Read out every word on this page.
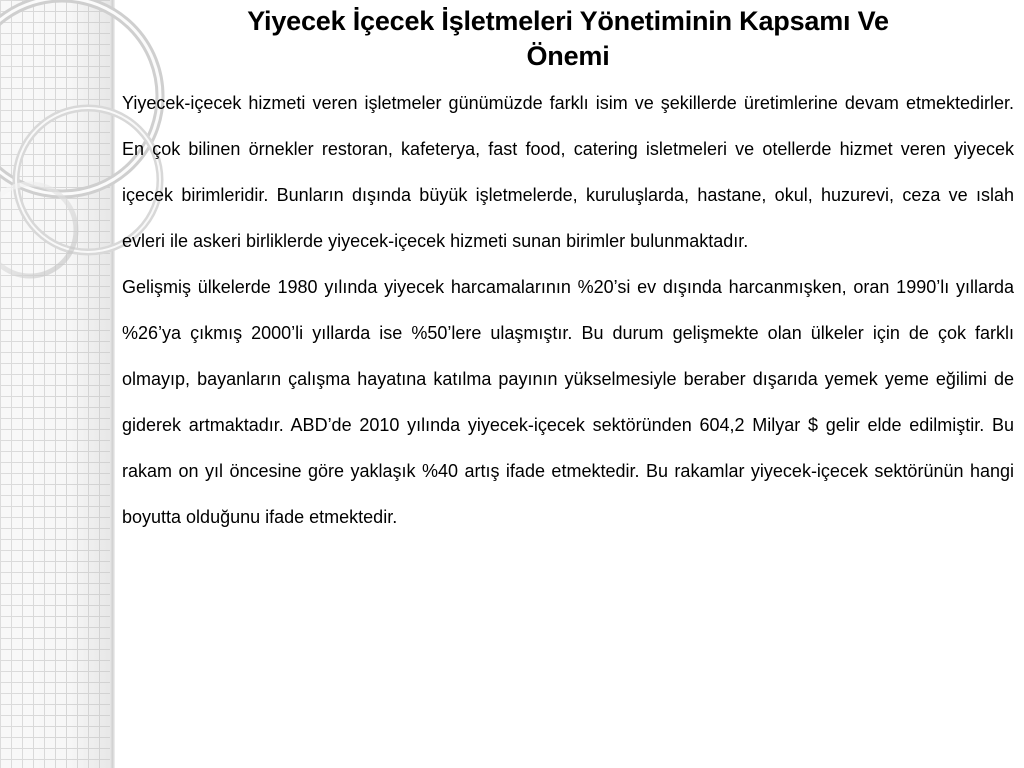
Yiyecek İçecek İşletmeleri Yönetiminin Kapsamı Ve
Önemi

Yiyecek-içecek hizmeti veren işletmeler günümüzde farklı isim ve şekillerde üretimlerine devam etmektedirler. En çok bilinen örnekler restoran, kafeterya, fast food, catering isletmeleri ve otellerde hizmet veren yiyecek içecek birimleridir. Bunların dışında büyük işletmelerde, kuruluşlarda, hastane, okul, huzurevi, ceza ve ıslah evleri ile askeri birliklerde yiyecek-içecek hizmeti sunan birimler bulunmaktadır.

Gelişmiş ülkelerde 1980 yılında yiyecek harcamalarının %20’si ev dışında harcanmışken, oran 1990’lı yıllarda %26’ya çıkmış 2000’li yıllarda ise %50’lere ulaşmıştır. Bu durum gelişmekte olan ülkeler için de çok farklı olmayıp, bayanların çalışma hayatına katılma payının yükselmesiyle beraber dışarıda yemek yeme eğilimi de giderek artmaktadır. ABD’de 2010 yılında yiyecek-içecek sektöründen 604,2 Milyar $ gelir elde edilmiştir. Bu rakam on yıl öncesine göre yaklaşık %40 artış ifade etmektedir. Bu rakamlar yiyecek-içecek sektörünün hangi boyutta olduğunu ifade etmektedir.
